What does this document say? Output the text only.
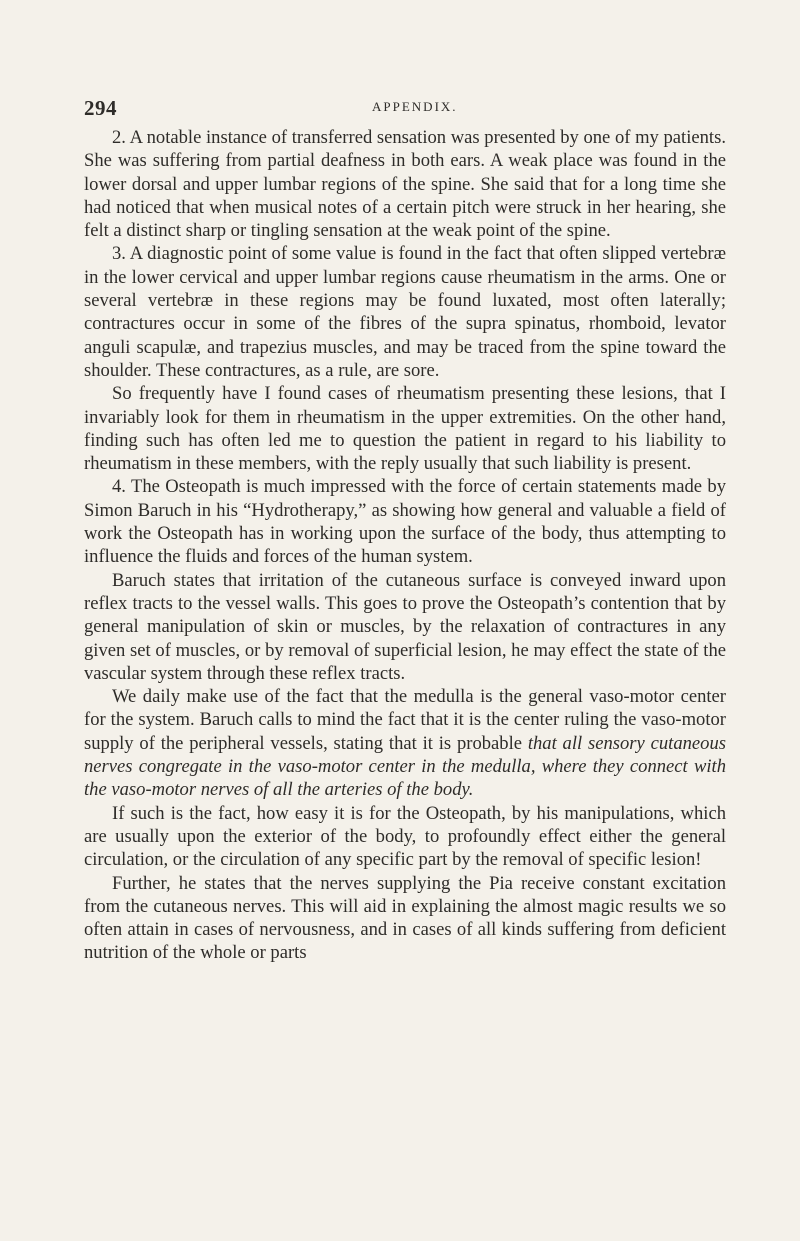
294	APPENDIX.

2. A notable instance of transferred sensation was presented by one of my patients. She was suffering from partial deafness in both ears. A weak place was found in the lower dorsal and upper lumbar regions of the spine. She said that for a long time she had noticed that when musical notes of a certain pitch were struck in her hearing, she felt a distinct sharp or tingling sensation at the weak point of the spine.

3. A diagnostic point of some value is found in the fact that often slipped vertebræ in the lower cervical and upper lumbar regions cause rheumatism in the arms. One or several vertebræ in these regions may be found luxated, most often laterally; contractures occur in some of the fibres of the supra spinatus, rhomboid, levator anguli scapulæ, and trapezius muscles, and may be traced from the spine toward the shoulder. These contractures, as a rule, are sore.

So frequently have I found cases of rheumatism presenting these lesions, that I invariably look for them in rheumatism in the upper extremities. On the other hand, finding such has often led me to question the patient in regard to his liability to rheumatism in these members, with the reply usually that such liability is present.

4. The Osteopath is much impressed with the force of certain statements made by Simon Baruch in his “Hydrotherapy,” as showing how general and valuable a field of work the Osteopath has in working upon the surface of the body, thus attempting to influence the fluids and forces of the human system.

Baruch states that irritation of the cutaneous surface is conveyed inward upon reflex tracts to the vessel walls. This goes to prove the Osteopath’s contention that by general manipulation of skin or muscles, by the relaxation of contractures in any given set of muscles, or by removal of superficial lesion, he may effect the state of the vascular system through these reflex tracts.

We daily make use of the fact that the medulla is the general vaso-motor center for the system. Baruch calls to mind the fact that it is the center ruling the vaso-motor supply of the peripheral vessels, stating that it is probable that all sensory cutaneous nerves congregate in the vaso-motor center in the medulla, where they connect with the vaso-motor nerves of all the arteries of the body.

If such is the fact, how easy it is for the Osteopath, by his manipulations, which are usually upon the exterior of the body, to profoundly effect either the general circulation, or the circulation of any specific part by the removal of specific lesion!

Further, he states that the nerves supplying the Pia receive constant excitation from the cutaneous nerves. This will aid in explaining the almost magic results we so often attain in cases of nervousness, and in cases of all kinds suffering from deficient nutrition of the whole or parts
